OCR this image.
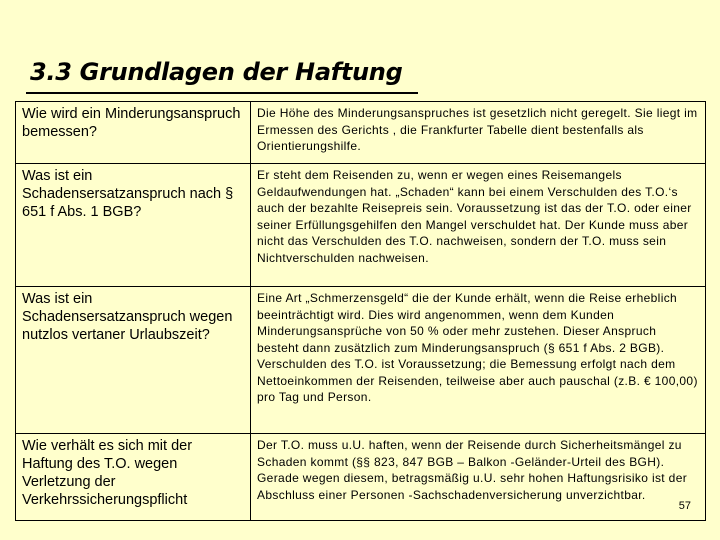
3.3 Grundlagen der Haftung
Wie wird ein Minderungsanspruch bemessen?	Die Höhe des Minderungsanspruches ist gesetzlich nicht geregelt. Sie liegt im Ermessen des Gerichts , die Frankfurter Tabelle dient bestenfalls als Orientierungshilfe.
Was ist ein Schadensersatzanspruch nach § 651 f Abs. 1 BGB?	Er steht dem Reisenden zu, wenn er wegen eines Reisemangels Geldaufwendungen hat. „Schaden“ kann bei einem Verschulden des T.O.‘s auch der bezahlte Reisepreis sein. Voraussetzung ist das der T.O. oder einer seiner Erfüllungsgehilfen den Mangel verschuldet hat. Der Kunde muss aber nicht das Verschulden des T.O. nachweisen, sondern der T.O. muss sein Nichtverschulden nachweisen.
Was ist ein Schadensersatzanspruch wegen nutzlos vertaner Urlaubszeit?	Eine Art „Schmerzensgeld“ die der Kunde erhält, wenn die Reise erheblich beeinträchtigt wird. Dies wird angenommen, wenn dem Kunden Minderungsansprüche von 50 % oder mehr zustehen. Dieser Anspruch besteht dann zusätzlich zum Minderungsanspruch (§ 651 f Abs. 2 BGB). Verschulden des T.O. ist Voraussetzung; die Bemessung erfolgt nach dem Nettoeinkommen der Reisenden, teilweise aber auch pauschal (z.B. € 100,00) pro Tag und Person.
Wie verhält es sich mit der Haftung des T.O. wegen Verletzung der Verkehrssicherungspflicht	Der T.O. muss u.U. haften, wenn der Reisende durch Sicherheitsmängel zu Schaden kommt (§§ 823, 847 BGB – Balkon -Geländer-Urteil des BGH). Gerade wegen diesem, betragsmäßig u.U. sehr hohen Haftungsrisiko ist der Abschluss einer Personen -Sachschadenversicherung unverzichtbar.
57
